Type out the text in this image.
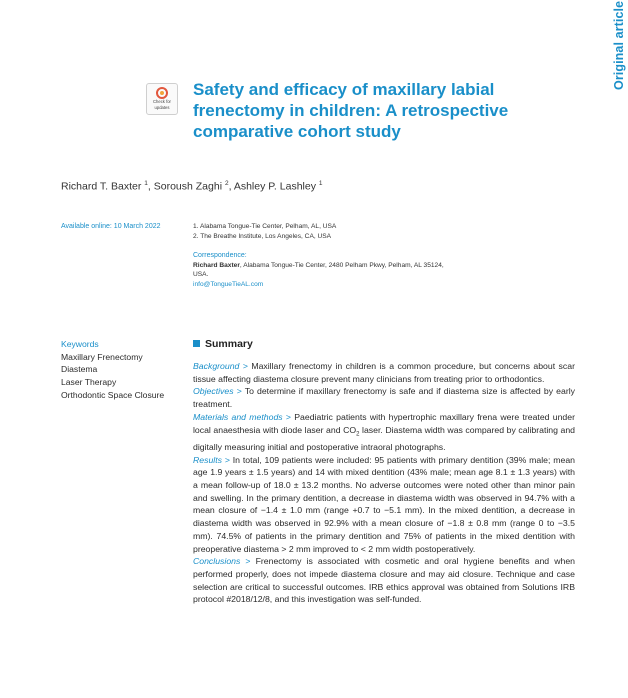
Original article
Check for
updates
Safety and efficacy of maxillary labial frenectomy in children: A retrospective comparative cohort study
Richard T. Baxter $^1$, Soroush Zaghi $^2$, Ashley P. Lashley $^1$
Available online: 10 March 2022	1. Alabama Tongue-Tie Center, Pelham, AL, USA
2. The Breathe Institute, Los Angeles, CA, USA
Correspondence:
Richard Baxter, Alabama Tongue-Tie Center, 2480 Pelham Pkwy, Pelham, AL 35124,
USA.
info@TongueTieAL.com
Keywords
Maxillary Frenectomy
Diastema
Laser Therapy
Orthodontic Space Closure
Summary

Background > Maxillary frenectomy in children is a common procedure, but concerns about scar tissue affecting diastema closure prevent many clinicians from treating prior to orthodontics.

Objectives > To determine if maxillary frenectomy is safe and if diastema size is affected by early treatment.

Materials and methods > Paediatric patients with hypertrophic maxillary frena were treated under local anaesthesia with diode laser and $CO_2$ laser. Diastema width was compared by calibrating and digitally measuring initial and postoperative intraoral photographs.

Results > In total, 109 patients were included: 95 patients with primary dentition (39% male; mean age 1.9 years ± 1.5 years) and 14 with mixed dentition (43% male; mean age 8.1 ± 1.3 years) with a mean follow-up of 18.0 ± 13.2 months. No adverse outcomes were noted other than minor pain and swelling. In the primary dentition, a decrease in diastema width was observed in 94.7% with a mean closure of −1.4 ± 1.0 mm (range +0.7 to −5.1 mm). In the mixed dentition, a decrease in diastema width was observed in 92.9% with a mean closure of −1.8 ± 0.8 mm (range 0 to −3.5 mm). 74.5% of patients in the primary dentition and 75% of patients in the mixed dentition with preoperative diastema > 2 mm improved to < 2 mm width postoperatively.

Conclusions > Frenectomy is associated with cosmetic and oral hygiene benefits and when performed properly, does not impede diastema closure and may aid closure. Technique and case selection are critical to successful outcomes. IRB ethics approval was obtained from Solutions IRB protocol #2018/12/8, and this investigation was self-funded.
